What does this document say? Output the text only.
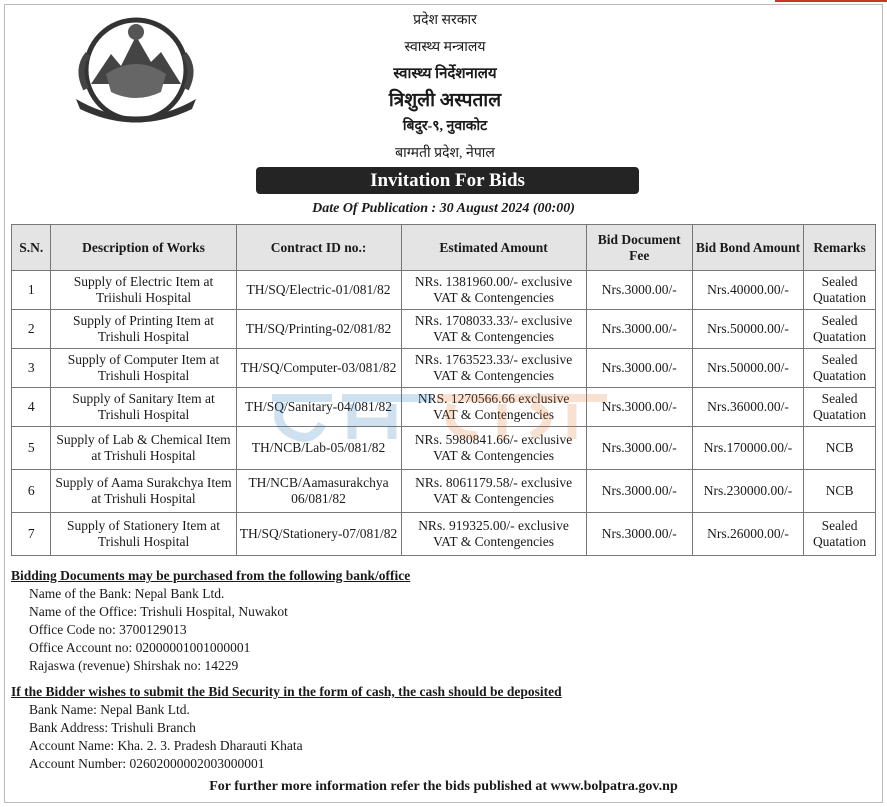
प्रदेश सरकार
स्वास्थ्य मन्त्रालय
स्वास्थ्य निर्देशनालय
त्रिशुली अस्पताल
बिदुर-९, नुवाकोट
बाग्मती प्रदेश, नेपाल
Invitation For Bids
Date Of Publication : 30 August 2024 (00:00)
S.N.	Description of Works	Contract ID no.:	Estimated Amount	Bid Document Fee	Bid Bond Amount	Remarks
1	Supply of Electric Item at Triishuli Hospital	TH/SQ/Electric-01/081/82	NRs. 1381960.00/- exclusive VAT & Contengencies	Nrs.3000.00/-	Nrs.40000.00/-	Sealed Quatation
2	Supply of Printing Item at Trishuli Hospital	TH/SQ/Printing-02/081/82	NRs. 1708033.33/- exclusive VAT & Contengencies	Nrs.3000.00/-	Nrs.50000.00/-	Sealed Quatation
3	Supply of Computer Item at Trishuli Hospital	TH/SQ/Computer-03/081/82	NRs. 1763523.33/- exclusive VAT & Contengencies	Nrs.3000.00/-	Nrs.50000.00/-	Sealed Quatation
4	Supply of Sanitary Item at Trishuli Hospital	TH/SQ/Sanitary-04/081/82	NRS. 1270566.66 exclusive VAT & Contengencies	Nrs.3000.00/-	Nrs.36000.00/-	Sealed Quatation
5	Supply of Lab & Chemical Item at Trishuli Hospital	TH/NCB/Lab-05/081/82	NRs. 5980841.66/- exclusive VAT & Contengencies	Nrs.3000.00/-	Nrs.170000.00/-	NCB
6	Supply of Aama Surakchya Item at Trishuli Hospital	TH/NCB/Aamasurakchya 06/081/82	NRs. 8061179.58/- exclusive VAT & Contengencies	Nrs.3000.00/-	Nrs.230000.00/-	NCB
7	Supply of Stationery Item at Trishuli Hospital	TH/SQ/Stationery-07/081/82	NRs. 919325.00/- exclusive VAT & Contengencies	Nrs.3000.00/-	Nrs.26000.00/-	Sealed Quatation
Bidding Documents may be purchased from the following bank/office
Name of the Bank: Nepal Bank Ltd.
Name of the Office: Trishuli Hospital, Nuwakot
Office Code no: 3700129013
Office Account no: 02000001001000001
Rajaswa (revenue) Shirshak no: 14229
If the Bidder wishes to submit the Bid Security in the form of cash, the cash should be deposited
Bank Name: Nepal Bank Ltd.
Bank Address: Trishuli Branch
Account Name: Kha. 2. 3. Pradesh Dharauti Khata
Account Number: 02602000002003000001
For further more information refer the bids published at www.bolpatra.gov.np
